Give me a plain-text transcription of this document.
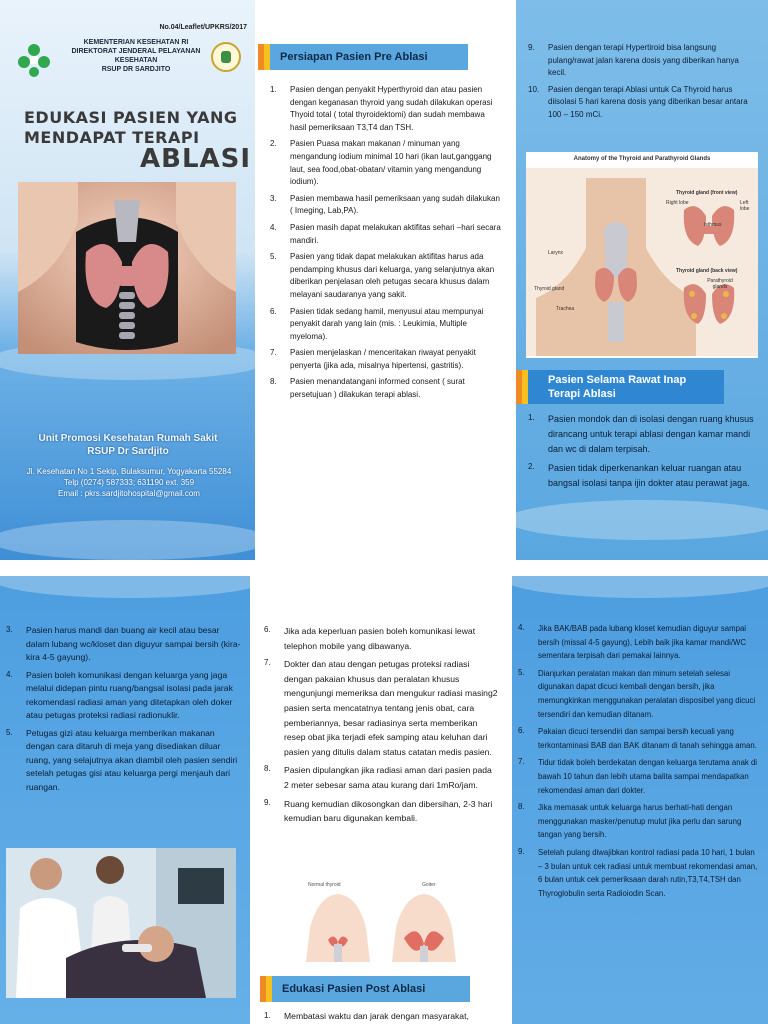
No.04/Leaflet/UPKRS/2017
KEMENTERIAN KESEHATAN RI
DIREKTORAT JENDERAL PELAYANAN KESEHATAN
RSUP DR SARDJITO
EDUKASI PASIEN YANG
MENDAPAT TERAPI
ABLASI
Unit Promosi Kesehatan Rumah Sakit
RSUP Dr Sardjito
Jl. Kesehatan No 1 Sekip, Bulaksumur, Yogyakarta 55284
Telp (0274) 587333; 631190 ext. 359
Email : pkrs.sardjitohospital@gmail.com
Persiapan Pasien Pre Ablasi
1.	Pasien dengan penyakit Hyperthyroid dan atau pasien dengan keganasan thyroid yang sudah dilakukan operasi Thyoid total ( total thyroidektomi) dan sudah membawa hasil pemeriksaan T3,T4 dan TSH.
2.	Pasien Puasa makan makanan / minuman yang mengandung iodium minimal 10 hari (ikan laut,ganggang laut, sea food,obat-obatan/ vitamin yang mengandung iodium).
3.	Pasien membawa hasil pemeriksaan yang sudah dilakukan ( Imeging, Lab,PA).
4.	Pasien masih dapat melakukan aktifitas sehari –hari secara mandiri.
5.	Pasien yang tidak dapat melakukan aktifitas harus ada pendamping khusus dari keluarga, yang selanjutnya akan diberikan penjelasan oleh petugas secara khusus dalam melayani saudaranya yang sakit.
6.	Pasien tidak sedang hamil, menyusui atau mempunyai penyakit darah yang lain (mis. : Leukimia, Multiple myeloma).
7.	Pasien menjelaskan / menceritakan riwayat penyakit penyerta (jika ada, misalnya hipertensi, gastritis).
8.	Pasien menandatangani informed consent ( surat persetujuan ) dilakukan terapi ablasi.
9.	Pasien dengan terapi Hypertiroid bisa langsung pulang/rawat jalan karena dosis yang diberikan hanya kecil.
10.	Pasien dengan terapi Ablasi untuk Ca Thyroid harus diisolasi 5 hari karena dosis yang diberikan besar antara 100 – 150 mCi.
Anatomy of the Thyroid and Parathyroid Glands
Larynx
Thyroid gland
Trachea
Thyroid gland (front view)
Right lobe	Left lobe
Isthmus
Thyroid gland (back view)
Parathyroid glands
Pasien Selama Rawat Inap
Terapi Ablasi
1.	Pasien mondok dan di isolasi dengan ruang khusus dirancang untuk terapi ablasi dengan kamar mandi dan wc di dalam terpisah.
2.	Pasien tidak diperkenankan keluar ruangan atau bangsal isolasi tanpa ijin dokter atau perawat jaga.
3.	Pasien harus mandi dan buang air kecil atau besar dalam lubang wc/kloset dan diguyur sampai bersih (kira-kira 4-5 gayung).
4.	Pasien boleh komunikasi dengan keluarga yang jaga melalui didepan pintu ruang/bangsal isolasi pada jarak rekomendasi radiasi aman yang ditetapkan oleh doker atau petugas proteksi radiasi radionuklir.
5.	Petugas gizi atau keluarga memberikan makanan dengan cara ditaruh di meja yang disediakan diluar ruang, yang selajutnya akan diambil oleh pasien sendiri setelah petugas gisi atau keluarga pergi menjauh dari ruangan.
6.	Jika ada keperluan pasien boleh komunikasi lewat telephon mobile yang dibawanya.
7.	Dokter dan atau dengan petugas proteksi radiasi dengan pakaian khusus dan peralatan khusus mengunjungi memeriksa dan mengukur radiasi masing2 pasien serta mencatatnya tentang jenis obat, cara pemberiannya, besar radiasinya serta memberikan resep obat jika terjadi efek samping atau keluhan dari pasien yang ditulis dalam status catatan medis pasien.
8.	Pasien dipulangkan jika radiasi aman dari pasien pada 2 meter sebesar sama atau kurang dari 1mRo/jam.
9.	Ruang kemudian dikosongkan dan dibersihan, 2-3 hari kemudian baru digunakan kembali.
Normal thyroid	Goiter
Edukasi Pasien Post Ablasi
1.	Membatasi waktu dan jarak dengan masyarakat,
4.	Jika BAK/BAB pada lubang kloset kemudian diguyur sampai bersih (missal 4-5 gayung), Lebih baik jika kamar mandi/WC sementara terpisah dari pemakai lainnya.
5.	Dianjurkan peralatan makan dan minum setelah selesai digunakan dapat dicuci kembali dengan bersih, jika memungkinkan menggunakan peralatan disposibel yang dicuci tersendiri dan kemudian ditanam.
6.	Pakaian dicuci tersendiri dan sampai bersih kecuali yang terkontaminasi BAB dan BAK ditanam di tanah sehingga aman.
7.	Tidur tidak boleh berdekatan dengan keluarga terutama anak di bawah 10 tahun dan lebih utama balita sampai mendapatkan rekomendasi aman dari dokter.
8.	Jika memasak untuk keluarga harus berhati-hati dengan menggunakan masker/penutup mulut jika perlu dan sarung tangan yang bersih.
9.	Setelah pulang diwajibkan kontrol radiasi pada 10 hari, 1 bulan – 3 bulan untuk cek radiasi untuk membuat rekomendasi aman, 6 bulan untuk cek pemeriksaan darah rutin,T3,T4,TSH dan Thyroglobulin serta Radioiodin Scan.
